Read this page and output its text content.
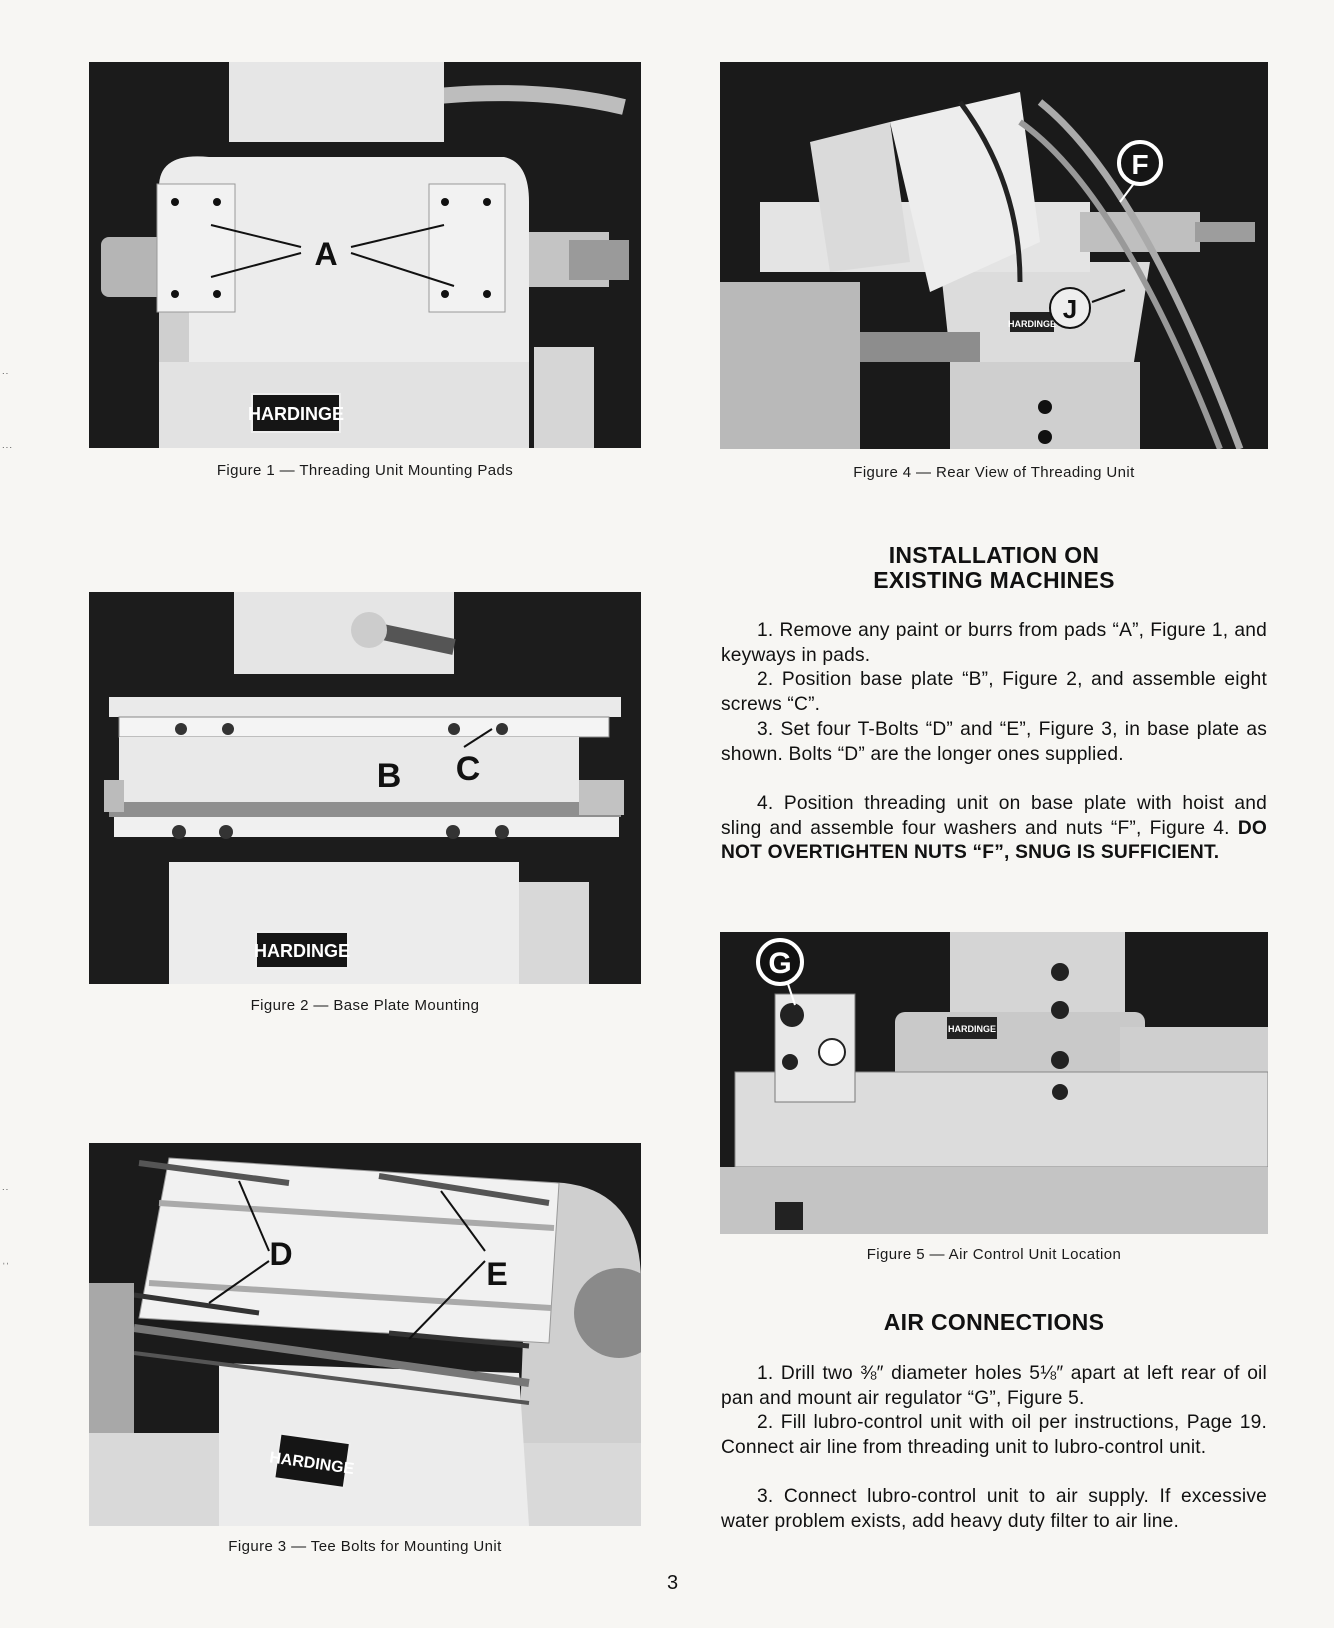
˙˙
˙˙˙
˙˙
ˈˈ
HARDINGE
A
Figure 1 — Threading Unit Mounting Pads
HARDINGE
F
J
Figure 4 — Rear View of Threading Unit
INSTALLATION ON
EXISTING MACHINES

1. Remove any paint or burrs from pads “A”, Figure 1, and keyways in pads.

2. Position base plate “B”, Figure 2, and assemble eight screws “C”.

3. Set four T-Bolts “D” and “E”, Figure 3, in base plate as shown. Bolts “D” are the longer ones supplied.

4. Position threading unit on base plate with hoist and sling and assemble four washers and nuts “F”, Figure 4. DO NOT OVERTIGHTEN NUTS “F”, SNUG IS SUFFICIENT.

B C
HARDINGE
Figure 2 — Base Plate Mounting
HARDINGE
G
Figure 5 — Air Control Unit Location
AIR CONNECTIONS

1. Drill two ⅜″ diameter holes 5⅛″ apart at left rear of oil pan and mount air regulator “G”, Figure 5.

2. Fill lubro-control unit with oil per instructions, Page 19. Connect air line from threading unit to lubro-control unit.

3. Connect lubro-control unit to air supply. If excessive water problem exists, add heavy duty filter to air line.

D
E
HARDINGE
Figure 3 — Tee Bolts for Mounting Unit
3
